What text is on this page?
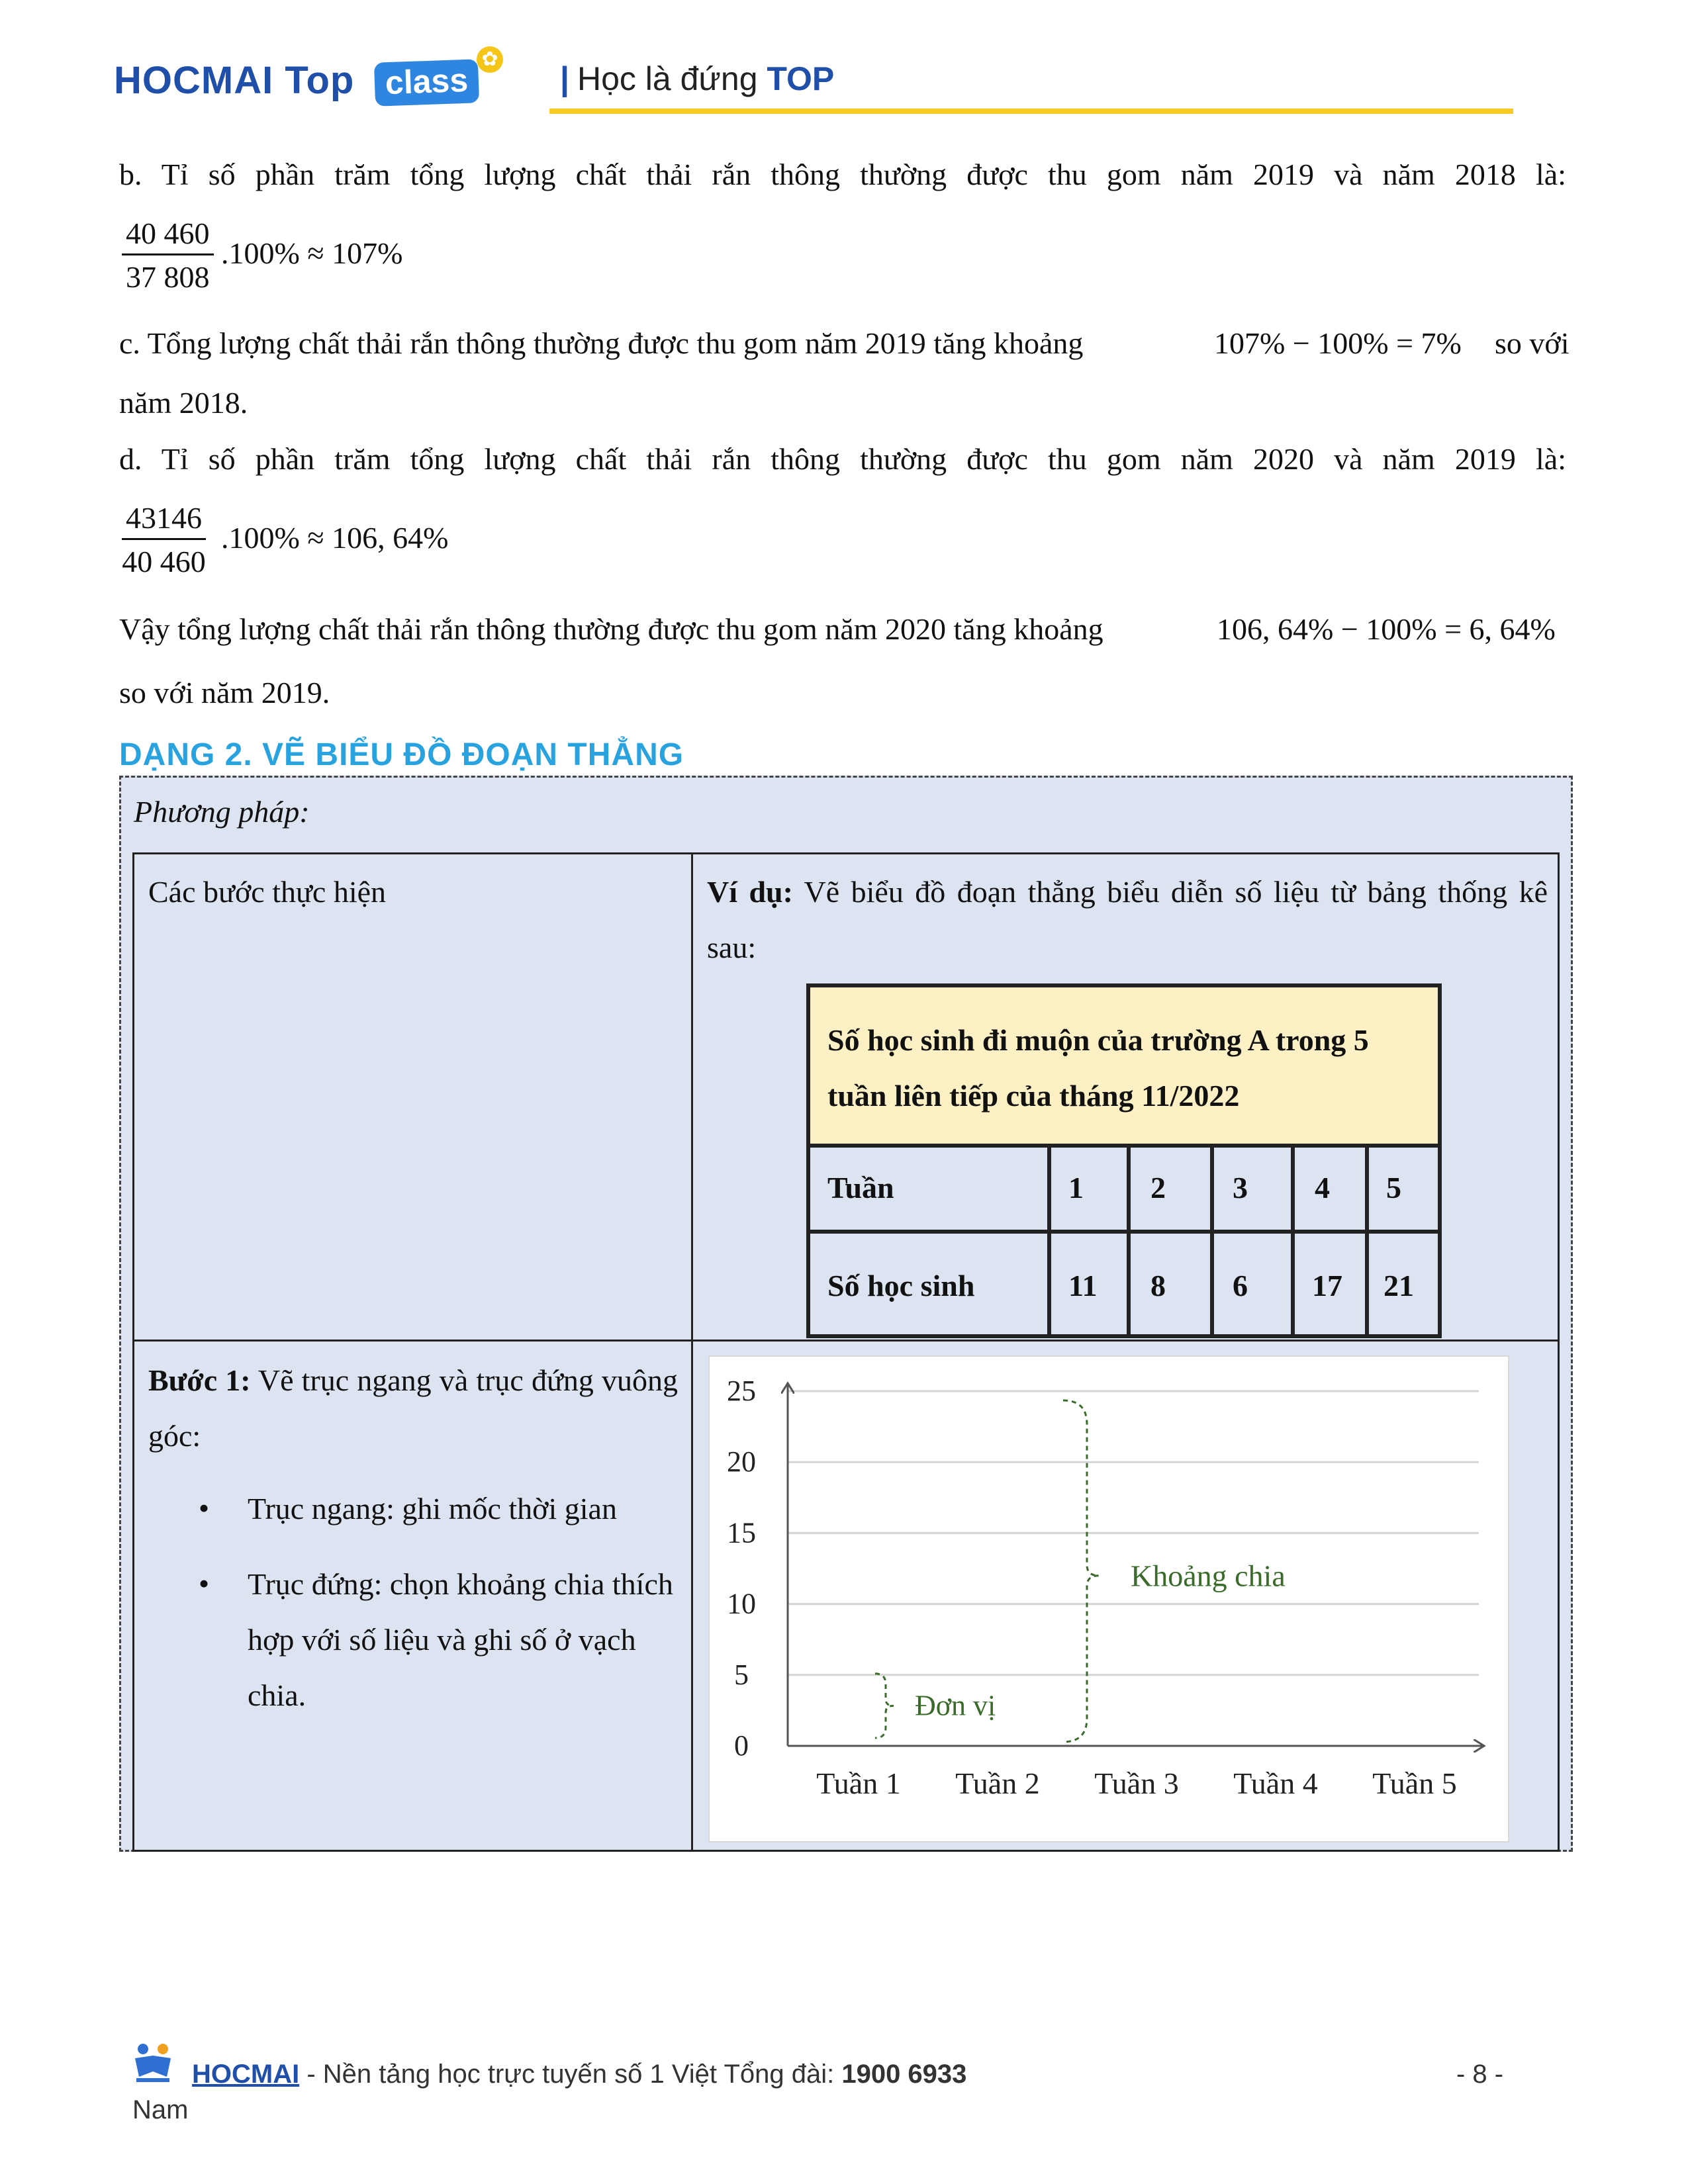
HOCMAI Top class
✿
| Học là đứng TOP
b. Tỉ số phần trăm tổng lượng chất thải rắn thông thường được thu gom năm 2019 và năm 2018 là:
$\frac{40 460}{37 808} .100\% \approx 107\%$
c. Tổng lượng chất thải rắn thông thường được thu gom năm 2019 tăng khoảng	107% − 100% = 7% so với
năm 2018.
d. Tỉ số phần trăm tổng lượng chất thải rắn thông thường được thu gom năm 2020 và năm 2019 là:
$\frac{43146}{40 460} .100\% \approx 106$, 64%
Vậy tổng lượng chất thải rắn thông thường được thu gom năm 2020 tăng khoảng	106, 64% − 100% = 6, 64%
so với năm 2019.
DẠNG 2. VẼ BIỂU ĐỒ ĐOẠN THẲNG
Phương pháp:
Các bước thực hiện	Ví dụ: Vẽ biểu đồ đoạn thẳng biểu diễn số liệu từ bảng thống kê sau:
Số học sinh đi muộn của trường A trong 5 tuần liên tiếp của tháng 11/2022
Tuần	1 2 3 4 5
Số học sinh	11 8 6 17 21
Bước 1: Vẽ trục ngang và trục đứng vuông góc:
• Trục ngang: ghi mốc thời gian
• Trục đứng: chọn khoảng chia thích hợp với số liệu và ghi số ở vạch chia.
0
5
10
15
20
25
Tuần 1 Tuần 2 Tuần 3 Tuần 4 Tuần 5
Đơn vị
Khoảng chia
HOCMAI - Nền tảng học trực tuyến số 1 Việt Tổng đài: 1900 6933	- 8 -
Nam
